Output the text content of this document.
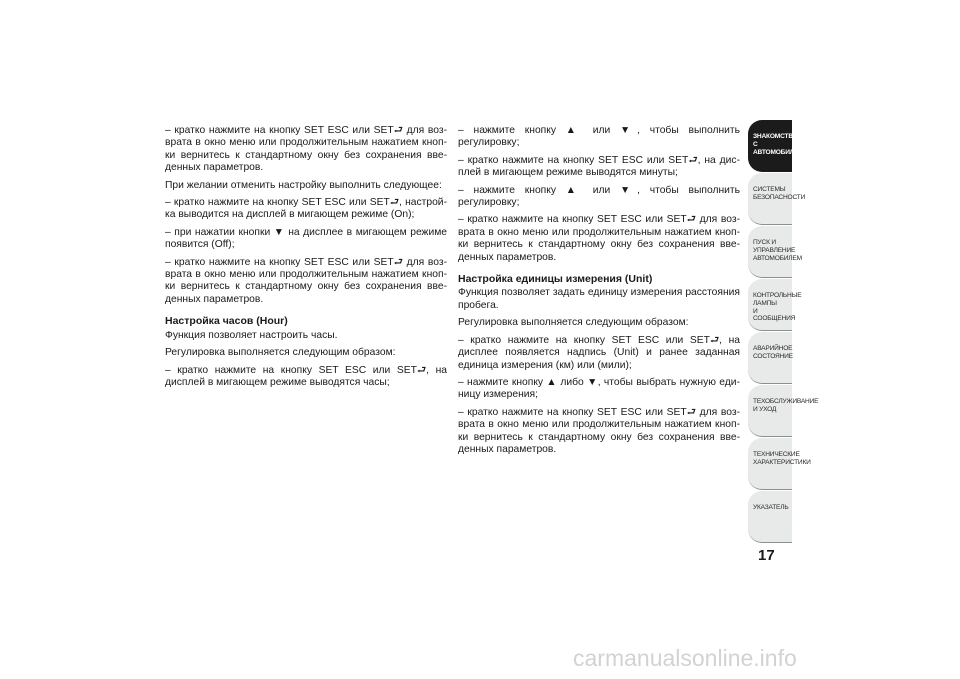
– кратко нажмите на кнопку SET ESC или SET⮐ для возврата в окно меню или продолжительным нажатием кнопки вернитесь к стандартному окну без сохранения введенных параметров.

При желании отменить настройку выполнить следующее:

– кратко нажмите на кнопку SET ESC или SET⮐, настройка выводится на дисплей в мигающем режиме (On);

– при нажатии кнопки ▼ на дисплее в мигающем режиме появится (Off);

– кратко нажмите на кнопку SET ESC или SET⮐ для возврата в окно меню или продолжительным нажатием кнопки вернитесь к стандартному окну без сохранения введенных параметров.

Настройка часов (Hour)

Функция позволяет настроить часы.

Регулировка выполняется следующим образом:

– кратко нажмите на кнопку SET ESC или SET⮐, на дисплей в мигающем режиме выводятся часы;

– нажмите кнопку ▲ или ▼, чтобы выполнить регулировку;

– кратко нажмите на кнопку SET ESC или SET⮐, на дисплей в мигающем режиме выводятся минуты;

– нажмите кнопку ▲ или ▼, чтобы выполнить регулировку;

– кратко нажмите на кнопку SET ESC или SET⮐ для возврата в окно меню или продолжительным нажатием кнопки вернитесь к стандартному окну без сохранения введенных параметров.

Настройка единицы измерения (Unit)

Функция позволяет задать единицу измерения расстояния пробега.

Регулировка выполняется следующим образом:

– кратко нажмите на кнопку SET ESC или SET⮐, на дисплее появляется надпись (Unit) и ранее заданная единица измерения (км) или (мили);

– нажмите кнопку ▲ либо ▼, чтобы выбрать нужную единицу измерения;

– кратко нажмите на кнопку SET ESC или SET⮐ для возврата в окно меню или продолжительным нажатием кнопки вернитесь к стандартному окну без сохранения введенных параметров.

ЗНАКОМСТВО С
АВТОМОБИЛЕМ
СИСТЕМЫ
БЕЗОПАСНОСТИ
ПУСК И УПРАВЛЕНИЕ
АВТОМОБИЛЕМ
КОНТРОЛЬНЫЕ
ЛАМПЫ
И СООБЩЕНИЯ
АВАРИЙНОЕ
СОСТОЯНИЕ
ТЕХОБСЛУЖИВАНИЕ
И УХОД
ТЕХНИЧЕСКИЕ
ХАРАКТЕРИСТИКИ
УКАЗАТЕЛЬ
17
carmanualsonline.info
